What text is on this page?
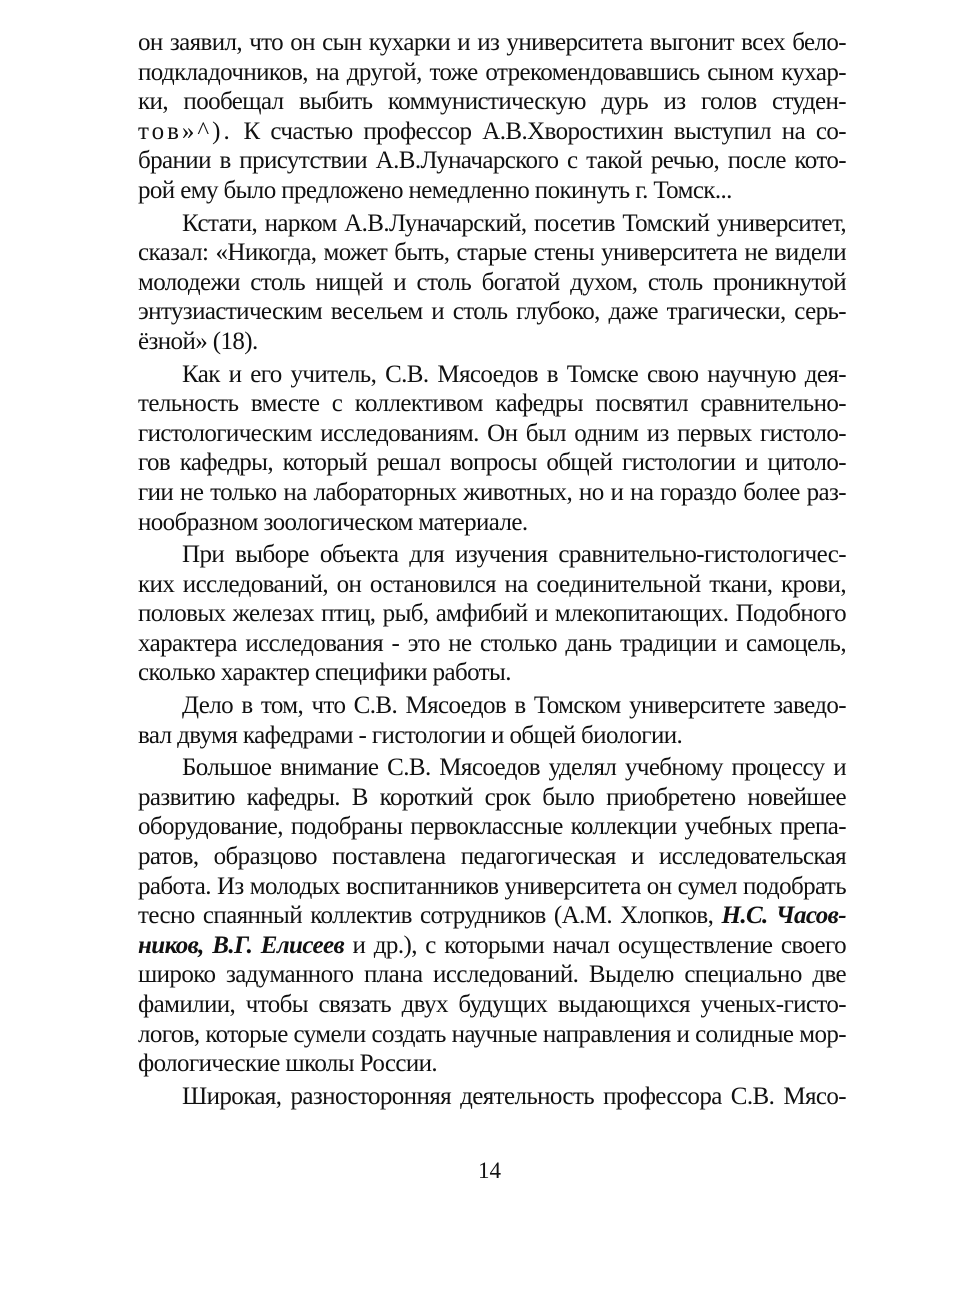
он заявил, что он сын кухарки и из университета выгонит всех бело-
подкладочников, на другой, тоже отрекомендовавшись сыном кухар-
ки, пообещал выбить коммунистическую дурь из голов студен-
тов»^). К счастью профессор А.В.Хворостихин выступил на со-
брании в присутствии А.В.Луначарского с такой речью, после кото-
рой ему было предложено немедленно покинуть г. Томск...
Кстати, нарком А.В.Луначарский, посетив Томский университет,
сказал: «Никогда, может быть, старые стены университета не видели
молодежи столь нищей и столь богатой духом, столь проникнутой
энтузиастическим весельем и столь глубоко, даже трагически, серь-
ёзной» (18).
Как и его учитель, С.В. Мясоедов в Томске свою научную дея-
тельность вместе с коллективом кафедры посвятил сравнительно-
гистологическим исследованиям. Он был одним из первых гистоло-
гов кафедры, который решал вопросы общей гистологии и цитоло-
гии не только на лабораторных животных, но и на гораздо более раз-
нообразном зоологическом материале.
При выборе объекта для изучения сравнительно-гистологичес-
ких исследований, он остановился на соединительной ткани, крови,
половых железах птиц, рыб, амфибий и млекопитающих. Подобного
характера исследования - это не столько дань традиции и самоцель,
сколько характер специфики работы.
Дело в том, что С.В. Мясоедов в Томском университете заведо-
вал двумя кафедрами - гистологии и общей биологии.
Большое внимание С.В. Мясоедов уделял учебному процессу и
развитию кафедры. В короткий срок было приобретено новейшее
оборудование, подобраны первоклассные коллекции учебных препа-
ратов, образцово поставлена педагогическая и исследовательская
работа. Из молодых воспитанников университета он сумел подобрать
тесно спаянный коллектив сотрудников (А.М. Хлопков, Н.С. Часов-
ников, В.Г. Елисеев и др.), с которыми начал осуществление своего
широко задуманного плана исследований. Выделю специально две
фамилии, чтобы связать двух будущих выдающихся ученых-гисто-
логов, которые сумели создать научные направления и солидные мор-
фологические школы России.
Широкая, разносторонняя деятельность профессора С.В. Мясо-
14
